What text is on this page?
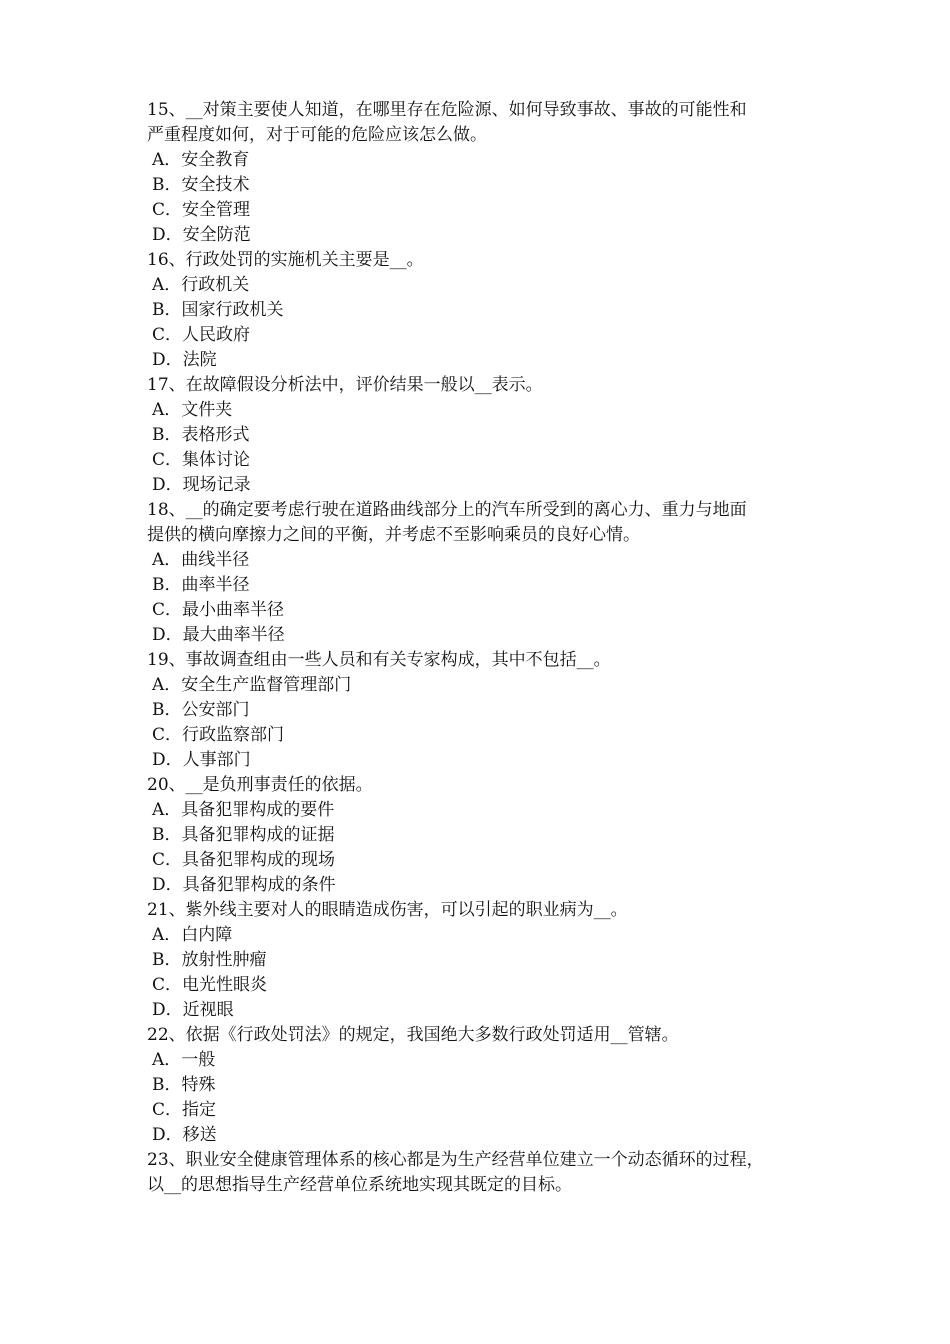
15、__对策主要使人知道，在哪里存在危险源、如何导致事故、事故的可能性和

严重程度如何，对于可能的危险应该怎么做。

A．安全教育

B．安全技术

C．安全管理

D．安全防范

16、行政处罚的实施机关主要是__。

A．行政机关

B．国家行政机关

C．人民政府

D．法院

17、在故障假设分析法中，评价结果一般以__表示。

A．文件夹

B．表格形式

C．集体讨论

D．现场记录

18、__的确定要考虑行驶在道路曲线部分上的汽车所受到的离心力、重力与地面

提供的横向摩擦力之间的平衡，并考虑不至影响乘员的良好心情。

A．曲线半径

B．曲率半径

C．最小曲率半径

D．最大曲率半径

19、事故调查组由一些人员和有关专家构成，其中不包括__。

A．安全生产监督管理部门

B．公安部门

C．行政监察部门

D．人事部门

20、__是负刑事责任的依据。

A．具备犯罪构成的要件

B．具备犯罪构成的证据

C．具备犯罪构成的现场

D．具备犯罪构成的条件

21、紫外线主要对人的眼睛造成伤害，可以引起的职业病为__。

A．白内障

B．放射性肿瘤

C．电光性眼炎

D．近视眼

22、依据《行政处罚法》的规定，我国绝大多数行政处罚适用__管辖。

A．一般

B．特殊

C．指定

D．移送

23、职业安全健康管理体系的核心都是为生产经营单位建立一个动态循环的过程，

以__的思想指导生产经营单位系统地实现其既定的目标。
